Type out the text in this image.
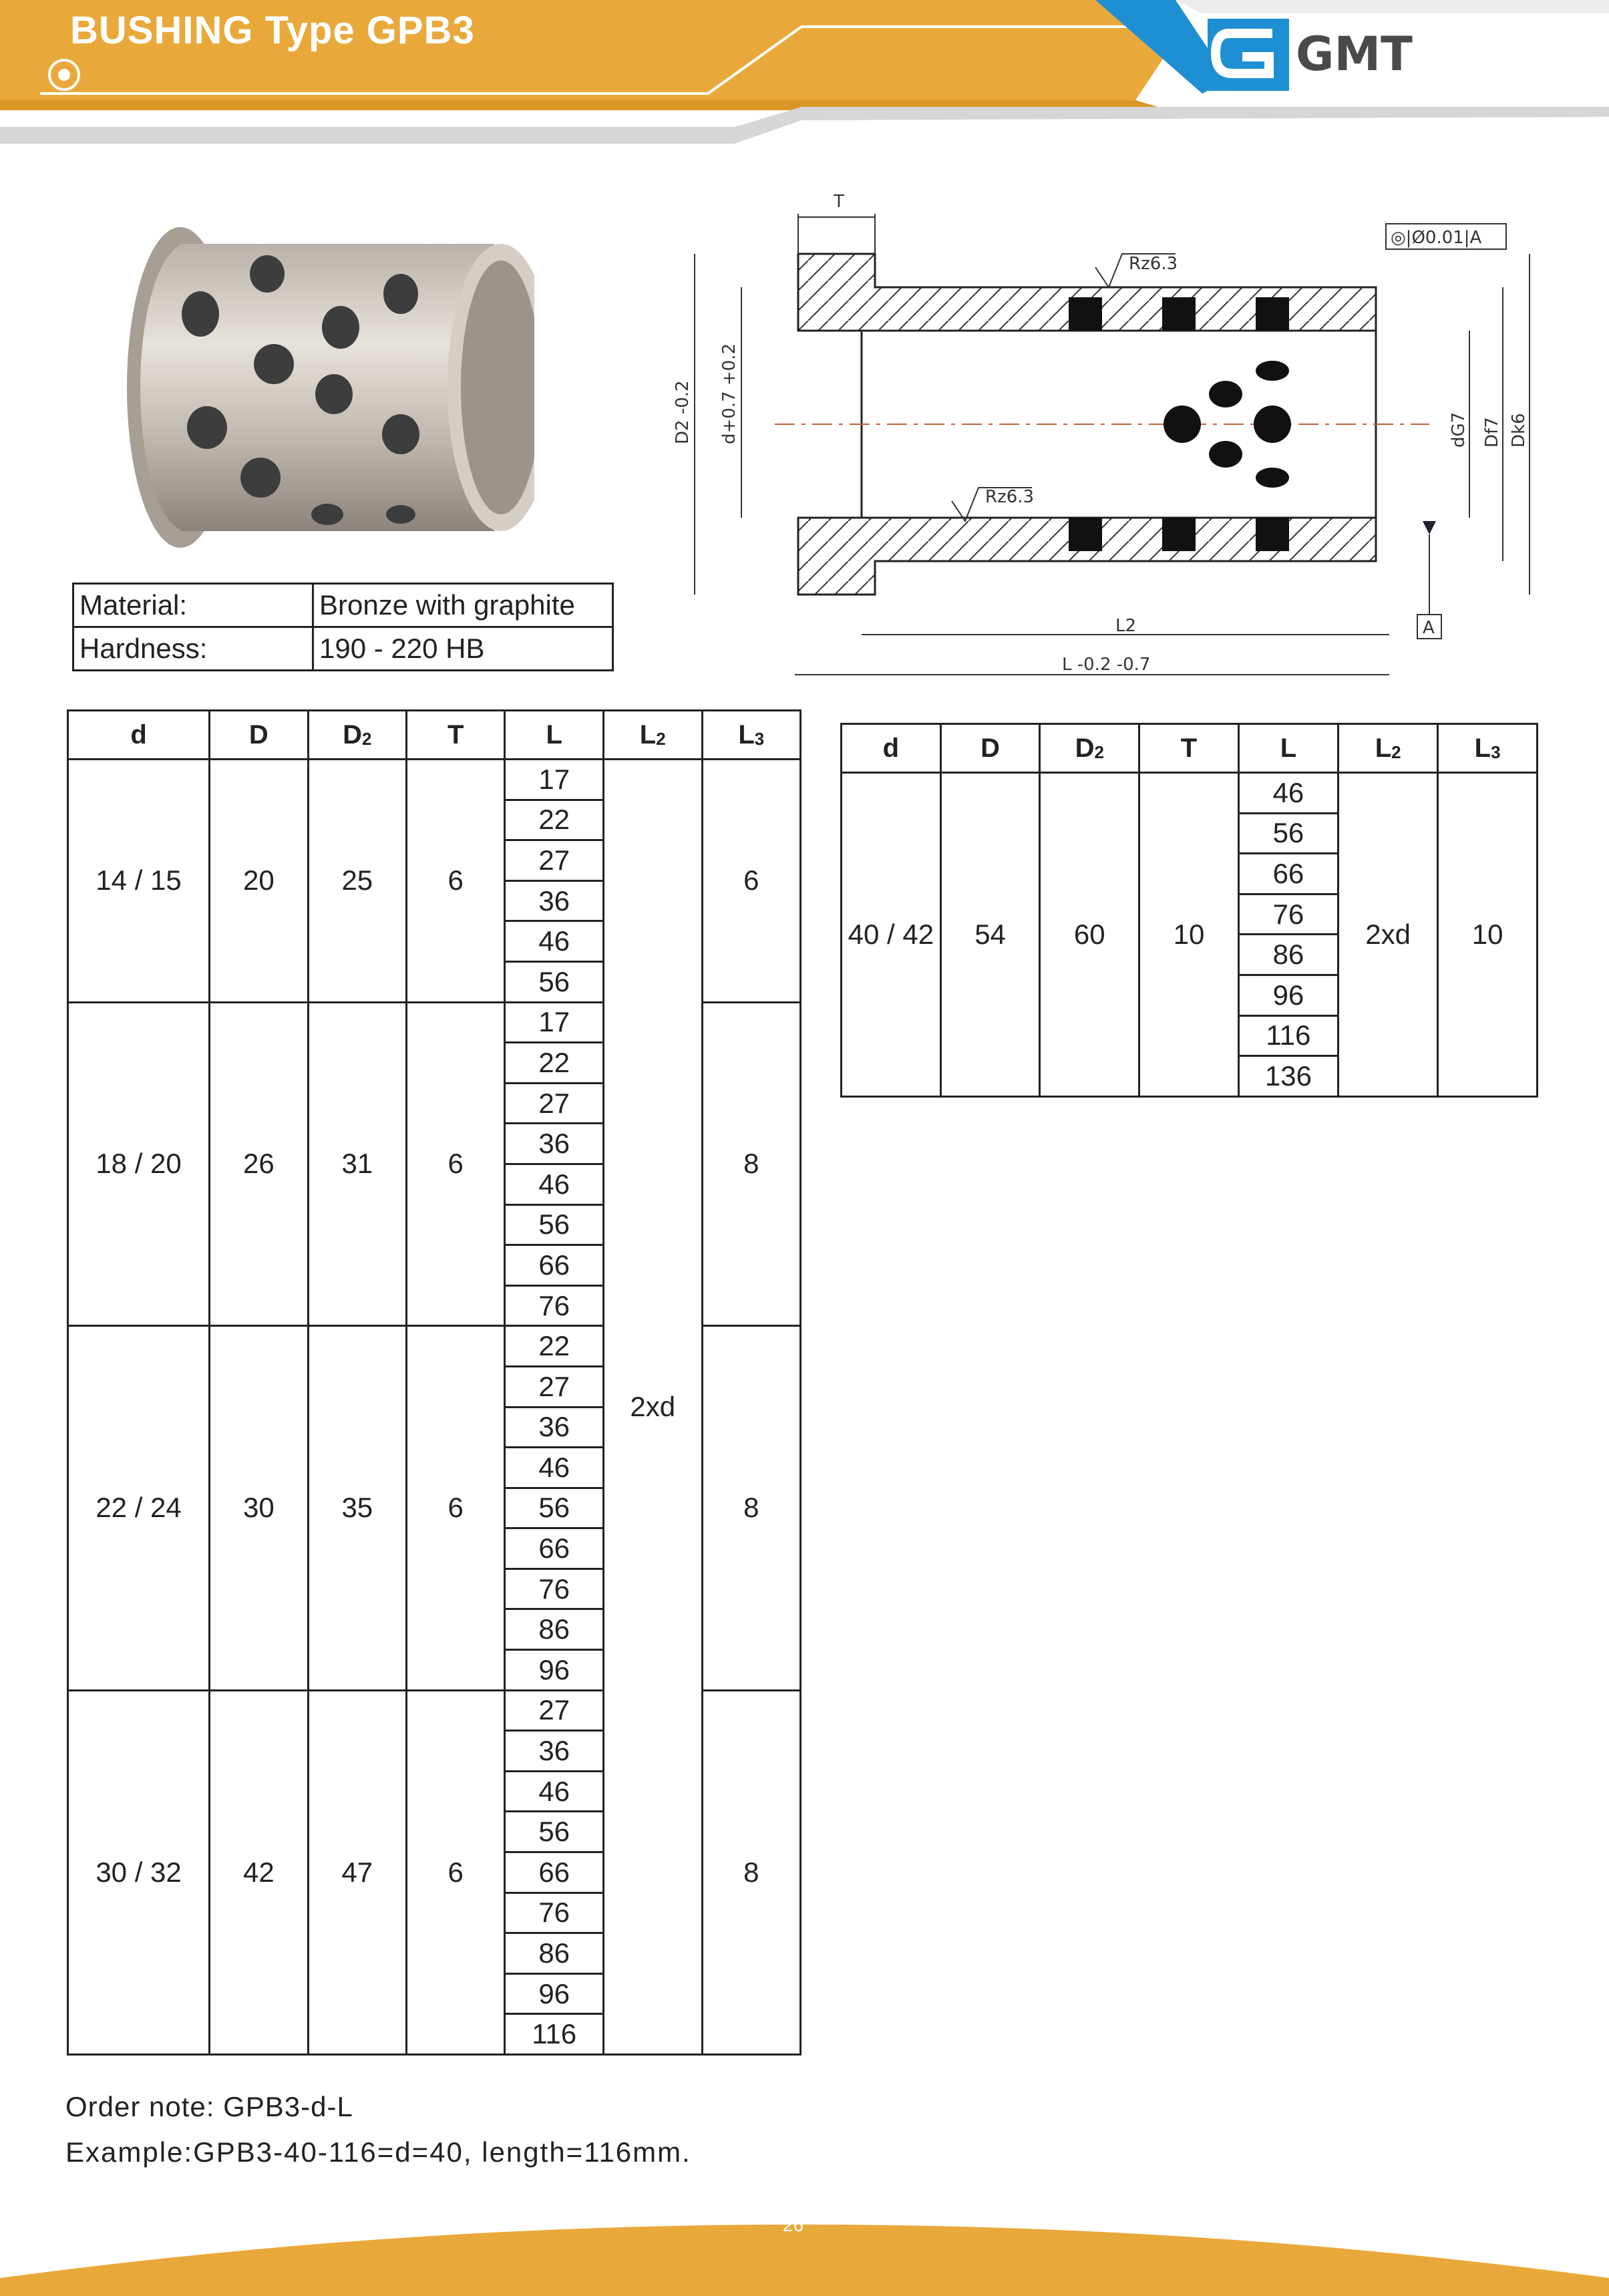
BUSHING Type GPB3	GMT
T
Rz6.3
Rz6.3
◎|Ø0.01|A
D2 -0.2 d+0.7 +0.2	dG7 Df7 Dk6
A
L2
L -0.2 -0.7
Material:	Bronze with graphite
Hardness:	190 - 220 HB
d	D	$D_2$	T	L	$L_2$	$L_3$
14 / 15	20	25	6	17	2xd	6
				22		
				27		
				36		
				46		
				56		
18 / 20	26	31	6	17		8
				22		
				27		
				36		
				46		
				56		
				66		
				76		
22 / 24	30	35	6	22		8
				27		
				36		
				46		
				56		
				66		
				76		
				86		
				96		
30 / 32	42	47	6	27		8
				36		
				46		
				56		
				66		
				76		
				86		
				96		
				116		
d	D	$D_2$	T	L	$L_2$	$L_3$
40 / 42	54	60	10	46	2xd	10
				56		
				66		
				76		
				86		
				96		
				116		
				136		
Order note: GPB3-d-L
Example:GPB3-40-116=d=40, length=116mm.
26
